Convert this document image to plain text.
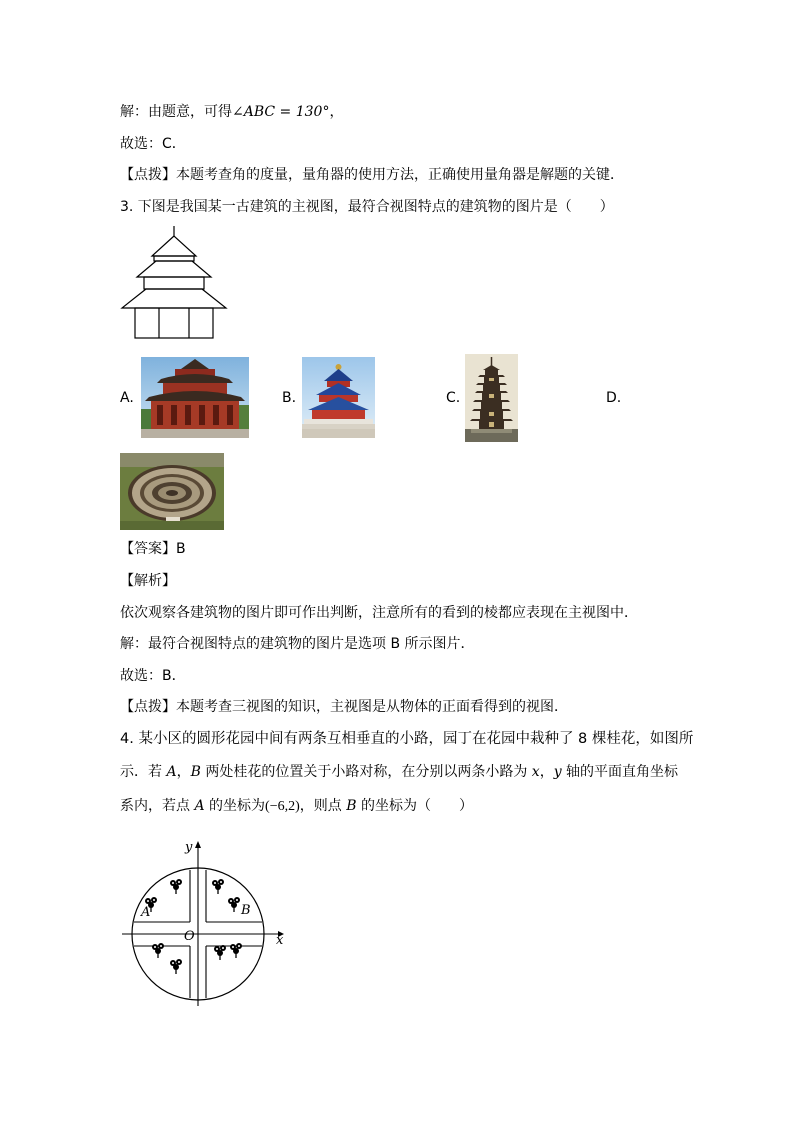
解：由题意，可得∠ABC = 130°，
故选：C．
【点拨】本题考查角的度量，量角器的使用方法，正确使用量角器是解题的关键．
3. 下图是我国某一古建筑的主视图，最符合视图特点的建筑物的图片是（　　）
A.	B.	C.	D.
【答案】B
【解析】
依次观察各建筑物的图片即可作出判断，注意所有的看到的棱都应表现在主视图中．
解：最符合视图特点的建筑物的图片是选项 B 所示图片．
故选：B．
【点拨】本题考查三视图的知识，主视图是从物体的正面看得到的视图．
4. 某小区的圆形花园中间有两条互相垂直的小路，园丁在花园中栽种了 8 棵桂花，如图所
示．若 A，B 两处桂花的位置关于小路对称，在分别以两条小路为 x，y 轴的平面直角坐标
系内，若点 A 的坐标为(−6,2)，则点 B 的坐标为（　　）
A	B
O	x
y
